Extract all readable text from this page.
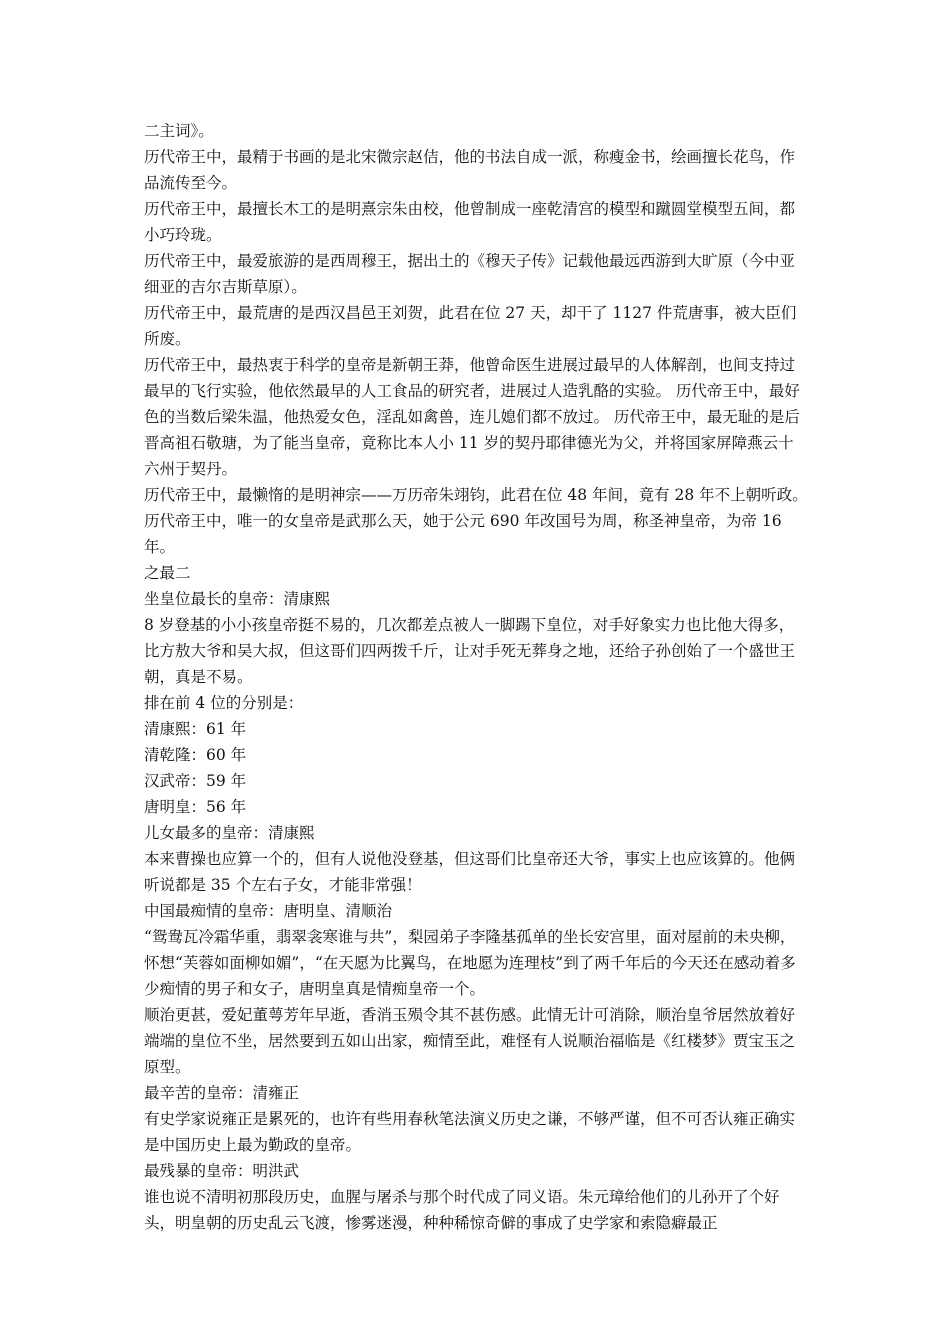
二主词》。

历代帝王中，最精于书画的是北宋微宗赵佶，他的书法自成一派，称瘦金书，绘画擅长花鸟，作品流传至今。

历代帝王中，最擅长木工的是明熹宗朱由校，他曾制成一座乾清宫的模型和蹴圆堂模型五间，都小巧玲珑。

历代帝王中，最爱旅游的是西周穆王，据出土的《穆天子传》记载他最远西游到大旷原（今中亚细亚的吉尔吉斯草原）。

历代帝王中，最荒唐的是西汉昌邑王刘贺，此君在位 27 天，却干了 1127 件荒唐事，被大臣们所废。

历代帝王中，最热衷于科学的皇帝是新朝王莽，他曾命医生进展过最早的人体解剖，也间支持过最早的飞行实验，他依然最早的人工食品的研究者，进展过人造乳酪的实验。 历代帝王中，最好色的当数后梁朱温，他热爱女色，淫乱如禽兽，连儿媳们都不放过。 历代帝王中，最无耻的是后晋高祖石敬瑭，为了能当皇帝，竟称比本人小 11 岁的契丹耶律德光为父，并将国家屏障燕云十六州于契丹。

历代帝王中，最懒惰的是明神宗——万历帝朱翊钧，此君在位 48 年间，竟有 28 年不上朝听政。

历代帝王中，唯一的女皇帝是武那么天，她于公元 690 年改国号为周，称圣神皇帝，为帝 16 年。

之最二

坐皇位最长的皇帝：清康熙

8 岁登基的小小孩皇帝挺不易的，几次都差点被人一脚踢下皇位，对手好象实力也比他大得多，比方敖大爷和吴大叔，但这哥们四两拨千斤，让对手死无葬身之地，还给子孙创始了一个盛世王朝，真是不易。

排在前 4 位的分别是：

清康熙：61 年

清乾隆：60 年

汉武帝：59 年

唐明皇：56 年

儿女最多的皇帝：清康熙

本来曹操也应算一个的，但有人说他没登基，但这哥们比皇帝还大爷，事实上也应该算的。他俩听说都是 35 个左右子女，才能非常强！

中国最痴情的皇帝：唐明皇、清顺治

“鸳鸯瓦冷霜华重，翡翠衾寒谁与共”，梨园弟子李隆基孤单的坐长安宫里，面对屋前的未央柳，怀想“芙蓉如面柳如媚”，“在天愿为比翼鸟，在地愿为连理枝”到了两千年后的今天还在感动着多少痴情的男子和女子，唐明皇真是情痴皇帝一个。

顺治更甚，爱妃董萼芳年早逝，香消玉殒令其不甚伤感。此情无计可消除，顺治皇爷居然放着好端端的皇位不坐，居然要到五如山出家，痴情至此，难怪有人说顺治福临是《红楼梦》贾宝玉之原型。

最辛苦的皇帝：清雍正

有史学家说雍正是累死的，也许有些用春秋笔法演义历史之谦，不够严谨，但不可否认雍正确实是中国历史上最为勤政的皇帝。

最残暴的皇帝：明洪武

谁也说不清明初那段历史，血腥与屠杀与那个时代成了同义语。朱元璋给他们的儿孙开了个好头，明皇朝的历史乱云飞渡，惨雾迷漫，种种稀惊奇僻的事成了史学家和索隐癖最正
